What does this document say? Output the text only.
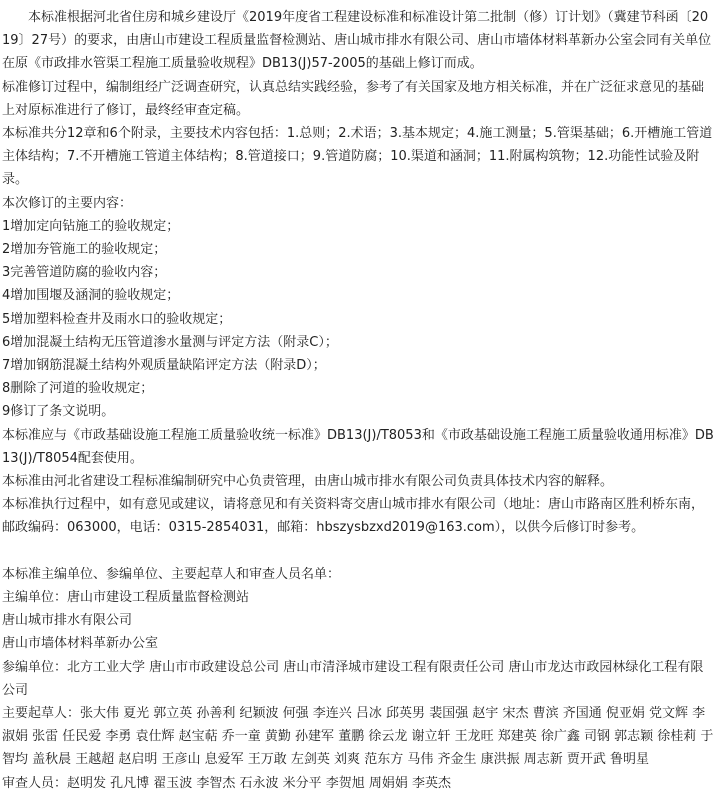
本标准根据河北省住房和城乡建设厅《2019年度省工程建设标准和标准设计第二批制（修）订计划》（冀建节科函〔2019〕27号）的要求，由唐山市建设工程质量监督检测站、唐山城市排水有限公司、唐山市墙体材料革新办公室会同有关单位在原《市政排水管渠工程施工质量验收规程》DB13(J)57-2005的基础上修订而成。

标准修订过程中，编制组经广泛调查研究，认真总结实践经验，参考了有关国家及地方相关标准，并在广泛征求意见的基础上对原标准进行了修订，最终经审查定稿。

本标准共分12章和6个附录，主要技术内容包括：1.总则；2.术语；3.基本规定；4.施工测量；5.管渠基础；6.开槽施工管道主体结构；7.不开槽施工管道主体结构；8.管道接口；9.管道防腐；10.渠道和涵洞；11.附属构筑物；12.功能性试验及附录。

本次修订的主要内容：

1增加定向钻施工的验收规定；

2增加夯管施工的验收规定；

3完善管道防腐的验收内容；

4增加围堰及涵洞的验收规定；

5增加塑料检查井及雨水口的验收规定；

6增加混凝土结构无压管道渗水量测与评定方法（附录C）；

7增加钢筋混凝土结构外观质量缺陷评定方法（附录D）；

8删除了河道的验收规定；

9修订了条文说明。

本标准应与《市政基础设施工程施工质量验收统一标准》DB13(J)/T8053和《市政基础设施工程施工质量验收通用标准》DB13(J)/T8054配套使用。

本标准由河北省建设工程标准编制研究中心负责管理，由唐山城市排水有限公司负责具体技术内容的解释。

本标准执行过程中，如有意见或建议，请将意见和有关资料寄交唐山城市排水有限公司（地址：唐山市路南区胜利桥东南，邮政编码：063000，电话：0315-2854031，邮箱：hbszysbzxd2019@163.com），以供今后修订时参考。

本标准主编单位、参编单位、主要起草人和审查人员名单：

主编单位：唐山市建设工程质量监督检测站

唐山城市排水有限公司

唐山市墙体材料革新办公室

参编单位：北方工业大学 唐山市市政建设总公司 唐山市清泽城市建设工程有限责任公司 唐山市龙达市政园林绿化工程有限公司

主要起草人：张大伟 夏光 郭立英 孙善利 纪颖波 何强 李连兴 吕冰 邱英男 裴国强 赵宇 宋杰 曹滨 齐国通 倪亚娟 党文辉 李淑娟 张雷 任民爱 李勇 袁仕辉 赵宝萜 乔一童 黄勤 孙建军 董鹏 徐云龙 谢立轩 王龙旺 郑建英 徐广鑫 司钢 郭志颖 徐桂莉 于智均 盖秋晨 王越超 赵启明 王彦山 息爱军 王万敢 左剑英 刘爽 范东方 马伟 齐金生 康洪振 周志新 贾开武 鲁明星

审查人员：赵明发 孔凡博 翟玉波 李智杰 石永波 米分平 李贺旭 周娟娟 李英杰
